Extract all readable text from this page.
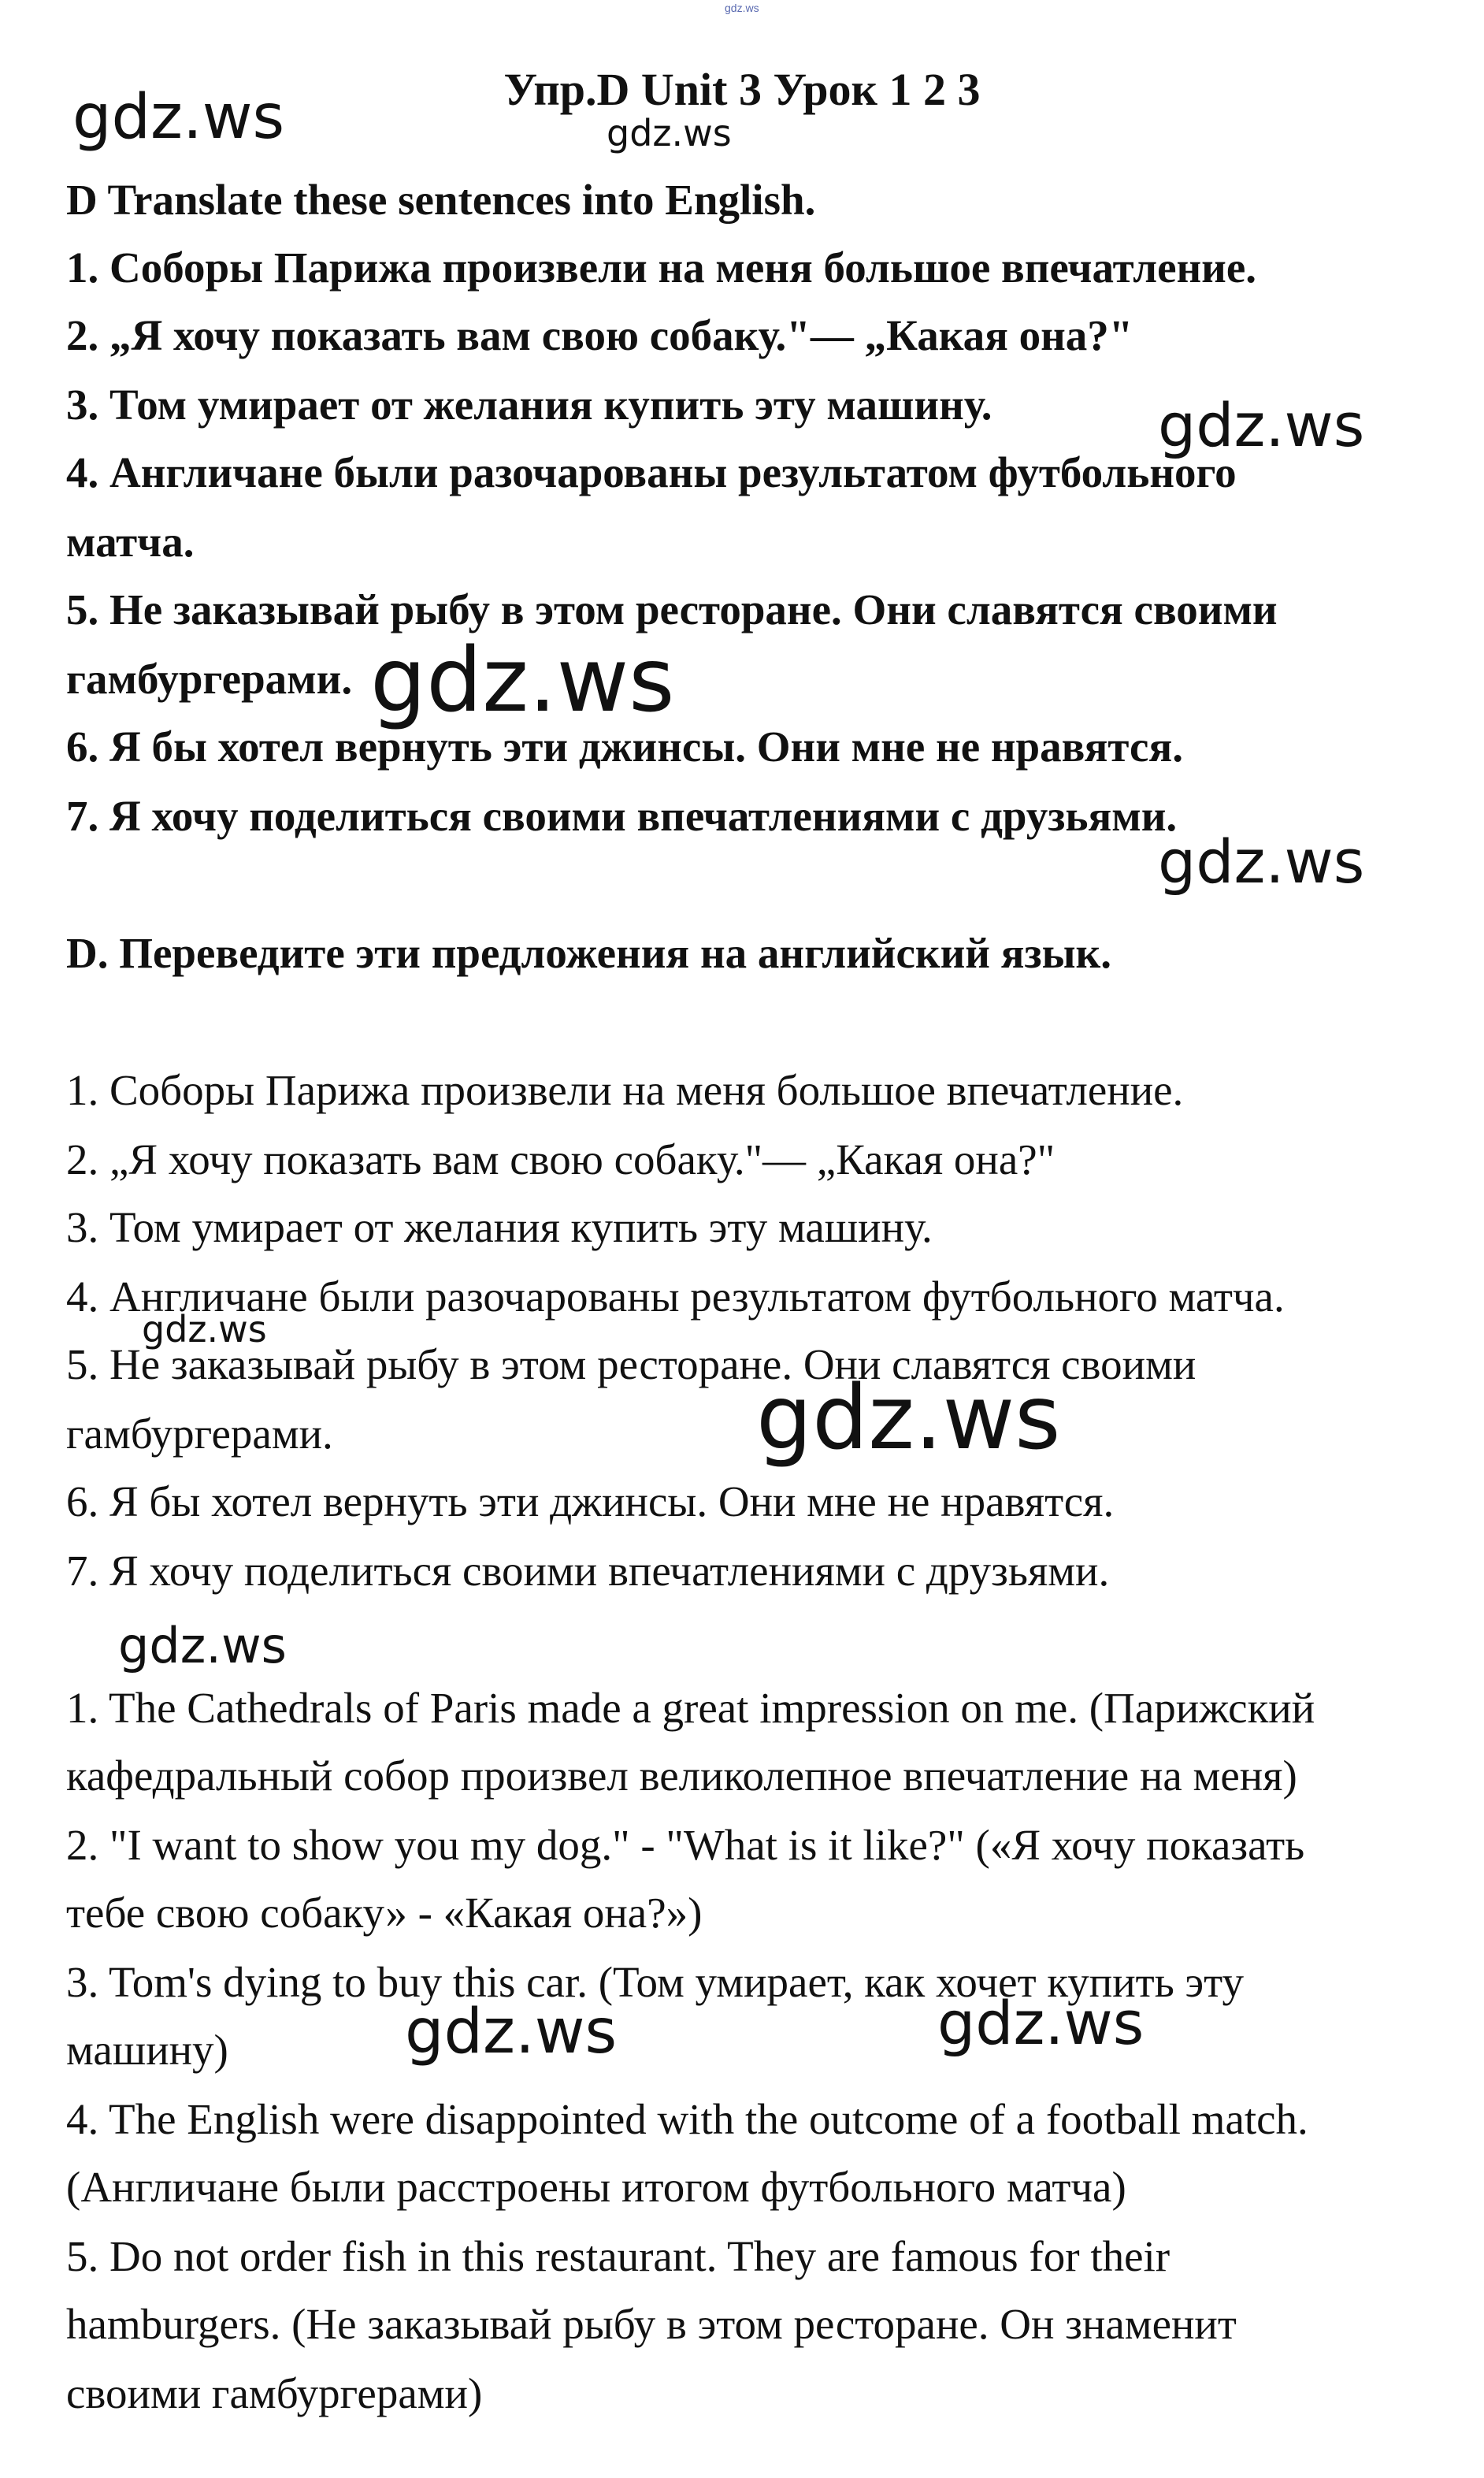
gdz.ws
Упр.D Unit 3 Урок 1 2 3
D Translate these sentences into English.
1. Соборы Парижа произвели на меня большое впечатление.
2. „Я хочу показать вам свою собаку."— „Какая она?"
3. Том умирает от желания купить эту машину.
4. Англичане были разочарованы результатом футбольного
матча.
5. Не заказывай рыбу в этом ресторане. Они славятся своими
гамбургерами.
6. Я бы хотел вернуть эти джинсы. Они мне не нравятся.
7. Я хочу поделиться своими впечатлениями с друзьями.
D. Переведите эти предложения на английский язык.
1. Соборы Парижа произвели на меня большое впечатление.
2. „Я хочу показать вам свою собаку."— „Какая она?"
3. Том умирает от желания купить эту машину.
4. Англичане были разочарованы результатом футбольного матча.
5. Не заказывай рыбу в этом ресторане. Они славятся своими
гамбургерами.
6. Я бы хотел вернуть эти джинсы. Они мне не нравятся.
7. Я хочу поделиться своими впечатлениями с друзьями.
1. The Cathedrals of Paris made a great impression on me. (Парижский
кафедральный собор произвел великолепное впечатление на меня)
2. "I want to show you my dog." - "What is it like?" («Я хочу показать
тебе свою собаку» - «Какая она?»)
3. Tom's dying to buy this car. (Том умирает, как хочет купить эту
машину)
4. The English were disappointed with the outcome of a football match.
(Англичане были расстроены итогом футбольного матча)
5. Do not order fish in this restaurant. They are famous for their
hamburgers. (Не заказывай рыбу в этом ресторане. Он знаменит
своими гамбургерами)
gdz.ws	gdz.ws
gdz.ws
gdz.ws
gdz.ws
gdz.ws
gdz.ws
gdz.ws
gdz.ws	gdz.ws
